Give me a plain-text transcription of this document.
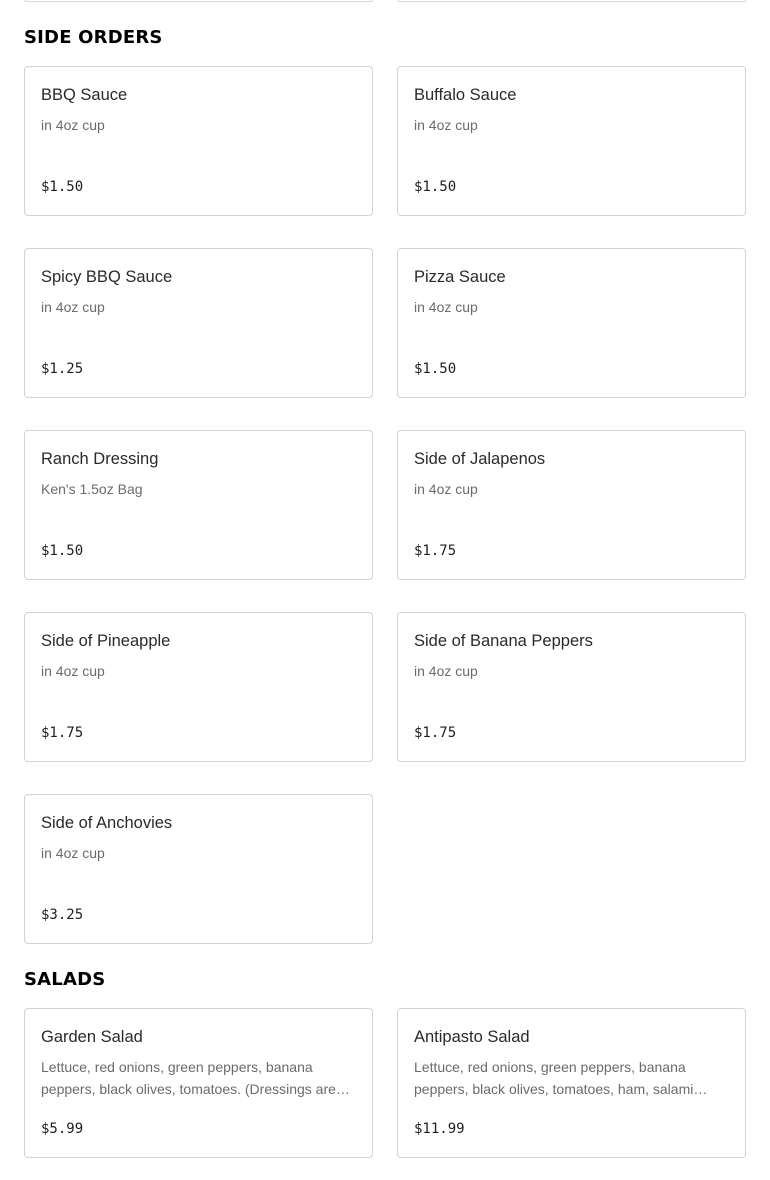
SIDE ORDERS
BBQ Sauce
in 4oz cup
$1.50
Buffalo Sauce
in 4oz cup
$1.50
Spicy BBQ Sauce
in 4oz cup
$1.25
Pizza Sauce
in 4oz cup
$1.50
Ranch Dressing
Ken's 1.5oz Bag
$1.50
Side of Jalapenos
in 4oz cup
$1.75
Side of Pineapple
in 4oz cup
$1.75
Side of Banana Peppers
in 4oz cup
$1.75
Side of Anchovies
in 4oz cup
$3.25
SALADS
Garden Salad
Lettuce, red onions, green peppers, banana peppers, black olives, tomatoes. (Dressings are…
$5.99
Antipasto Salad
Lettuce, red onions, green peppers, banana peppers, black olives, tomatoes, ham, salami…
$11.99
